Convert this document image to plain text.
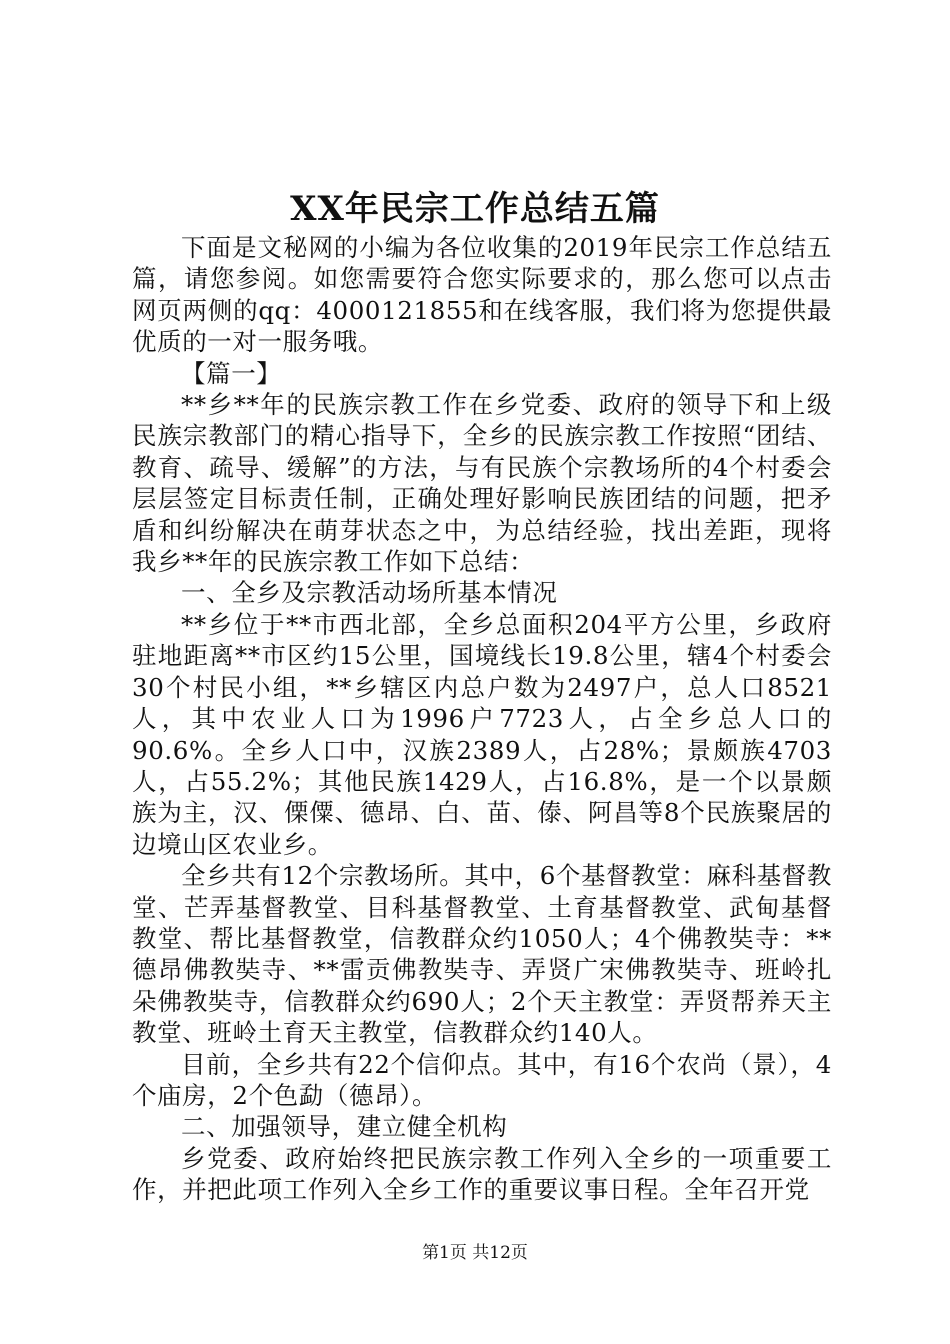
XX年民宗工作总结五篇

下面是文秘网的小编为各位收集的2019年民宗工作总结五篇，请您参阅。如您需要符合您实际要求的，那么您可以点击网页两侧的qq：4000121855和在线客服，我们将为您提供最优质的一对一服务哦。

【篇一】

**乡**年的民族宗教工作在乡党委、政府的领导下和上级民族宗教部门的精心指导下，全乡的民族宗教工作按照“团结、教育、疏导、缓解”的方法，与有民族个宗教场所的4个村委会层层签定目标责任制，正确处理好影响民族团结的问题，把矛盾和纠纷解决在萌芽状态之中，为总结经验，找出差距，现将我乡**年的民族宗教工作如下总结：

一、全乡及宗教活动场所基本情况

**乡位于**市西北部，全乡总面积204平方公里，乡政府驻地距离**市区约15公里，国境线长19.8公里，辖4个村委会30个村民小组，**乡辖区内总户数为2497户，总人口8521人，其中农业人口为1996户7723人，占全乡总人口的90.6%。全乡人口中，汉族2389人，占28%；景颇族4703人，占55.2%；其他民族1429人，占16.8%，是一个以景颇族为主，汉、傈僳、德昂、白、苗、傣、阿昌等8个民族聚居的边境山区农业乡。

全乡共有12个宗教场所。其中，6个基督教堂：麻科基督教堂、芒弄基督教堂、目科基督教堂、土育基督教堂、武甸基督教堂、帮比基督教堂，信教群众约1050人；4个佛教奘寺：**德昂佛教奘寺、**雷贡佛教奘寺、弄贤广宋佛教奘寺、班岭扎朵佛教奘寺，信教群众约690人；2个天主教堂：弄贤帮养天主教堂、班岭土育天主教堂，信教群众约140人。

目前，全乡共有22个信仰点。其中，有16个农尚（景），4个庙房，2个色勐（德昂）。

二、加强领导，建立健全机构

乡党委、政府始终把民族宗教工作列入全乡的一项重要工作，并把此项工作列入全乡工作的重要议事日程。全年召开党

第1页 共12页
